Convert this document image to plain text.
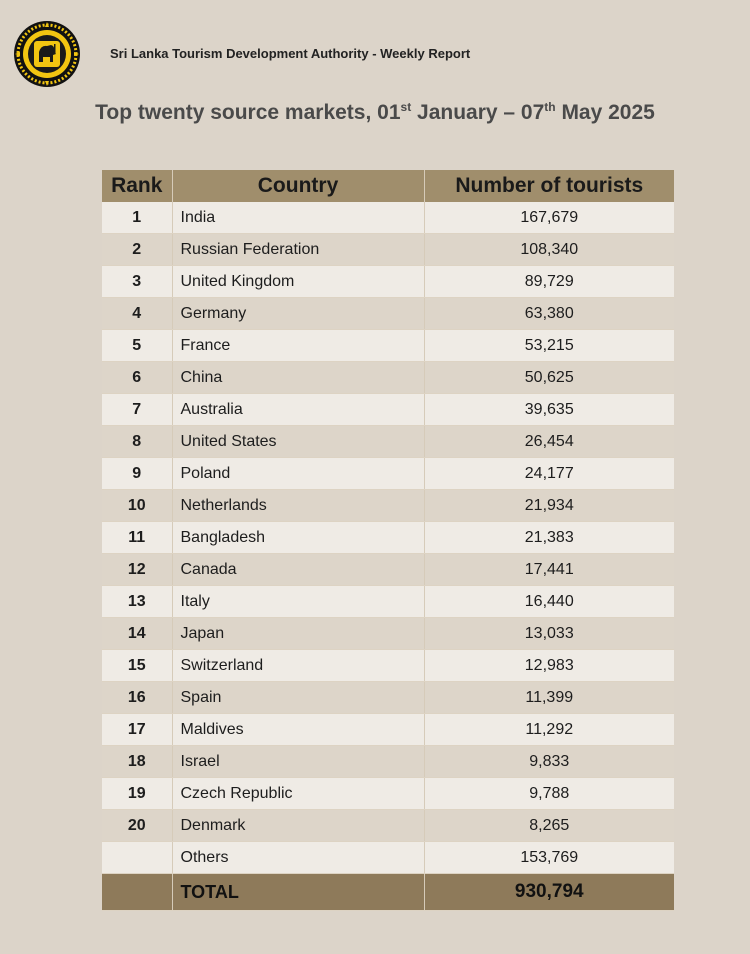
Sri Lanka Tourism Development Authority - Weekly Report
Top twenty source markets, 01st January – 07th May 2025
Rank	Country	Number of tourists
1	India	167,679
2	Russian Federation	108,340
3	United Kingdom	89,729
4	Germany	63,380
5	France	53,215
6	China	50,625
7	Australia	39,635
8	United States	26,454
9	Poland	24,177
10	Netherlands	21,934
11	Bangladesh	21,383
12	Canada	17,441
13	Italy	16,440
14	Japan	13,033
15	Switzerland	12,983
16	Spain	11,399
17	Maldives	11,292
18	Israel	9,833
19	Czech Republic	9,788
20	Denmark	8,265
	Others	153,769
	TOTAL	930,794
